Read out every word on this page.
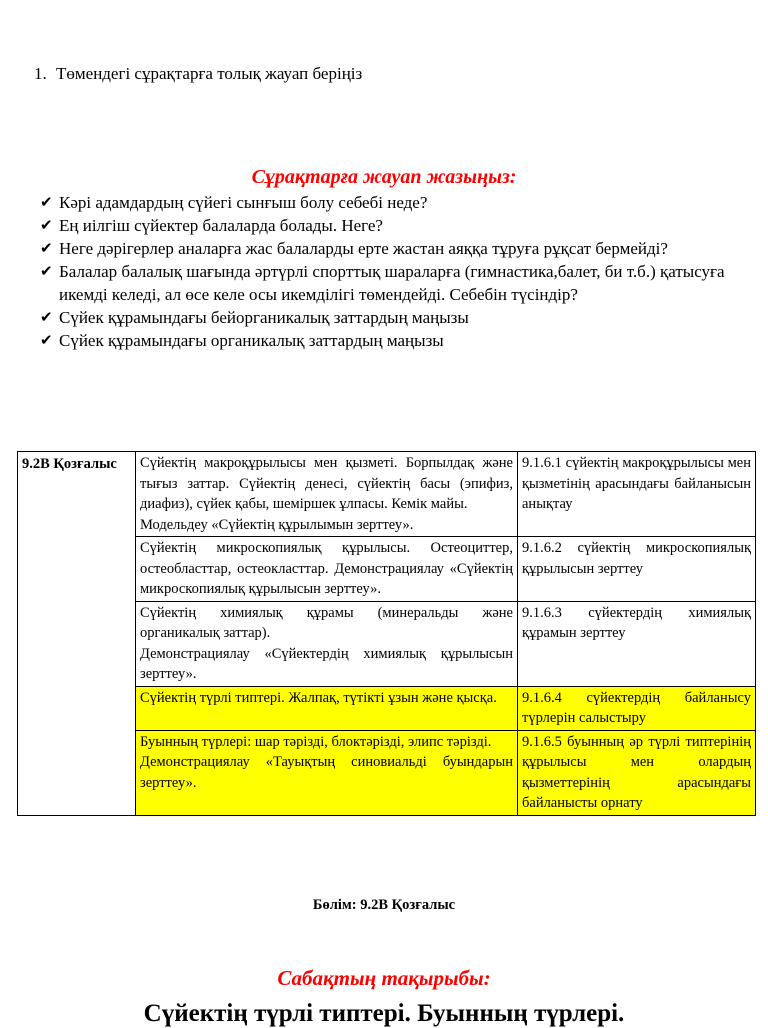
1. Төмендегі сұрақтарға толық жауап беріңіз
Сұрақтарға жауап жазыңыз:
✔ Кәрі адамдардың сүйегі сынғыш болу себебі неде?
✔ Ең иілгіш сүйектер балаларда болады. Неге?
✔ Неге дәрігерлер аналарға жас балаларды ерте жастан аяққа тұруға рұқсат бермейді?
✔ Балалар балалық шағында әртүрлі спорттық шараларға (гимнастика,балет, би т.б.) қатысуға икемді келеді, ал өсе келе осы икемділігі төмендейді. Себебін түсіндір?
✔ Сүйек құрамындағы бейорганикалық заттардың маңызы
✔ Сүйек құрамындағы органикалық заттардың маңызы
9.2В Қозғалыс	Сүйектің макроқұрылысы мен қызметі. Борпылдақ және тығыз заттар. Сүйектің денесі, сүйектің басы (эпифиз, диафиз), сүйек қабы, шеміршек ұлпасы. Кемік майы.
Модельдеу «Сүйектің құрылымын зерттеу».	9.1.6.1 сүйектің макроқұрылысы мен қызметінің арасындағы байланысын анықтау

	Сүйектің микроскопиялық құрылысы. Остеоциттер, остеобласттар, остеокласттар. Демонстрациялау «Сүйектің микроскопиялық құрылысын зерттеу».	9.1.6.2 сүйектің микроскопиялық құрылысын зерттеу

	Сүйектің химиялық құрамы (минеральды және органикалық заттар).
Демонстрациялау «Сүйектердің химиялық құрылысын зерттеу».	9.1.6.3 сүйектердің химиялық құрамын зерттеу

	Сүйектің түрлі типтері. Жалпақ, түтікті ұзын және қысқа.	9.1.6.4 сүйектердің байланысу түрлерін салыстыру

	Буынның түрлері: шар тәрізді, блоктәрізді, элипс тәрізді.
Демонстрациялау «Тауықтың синовиальді буындарын зерттеу».	9.1.6.5 буынның әр түрлі типтерінің құрылысы мен олардың қызметтерінің арасындағы байланысты орнату
Бөлім: 9.2В Қозғалыс
Сабақтың тақырыбы:
Сүйектің түрлі типтері. Буынның түрлері.
